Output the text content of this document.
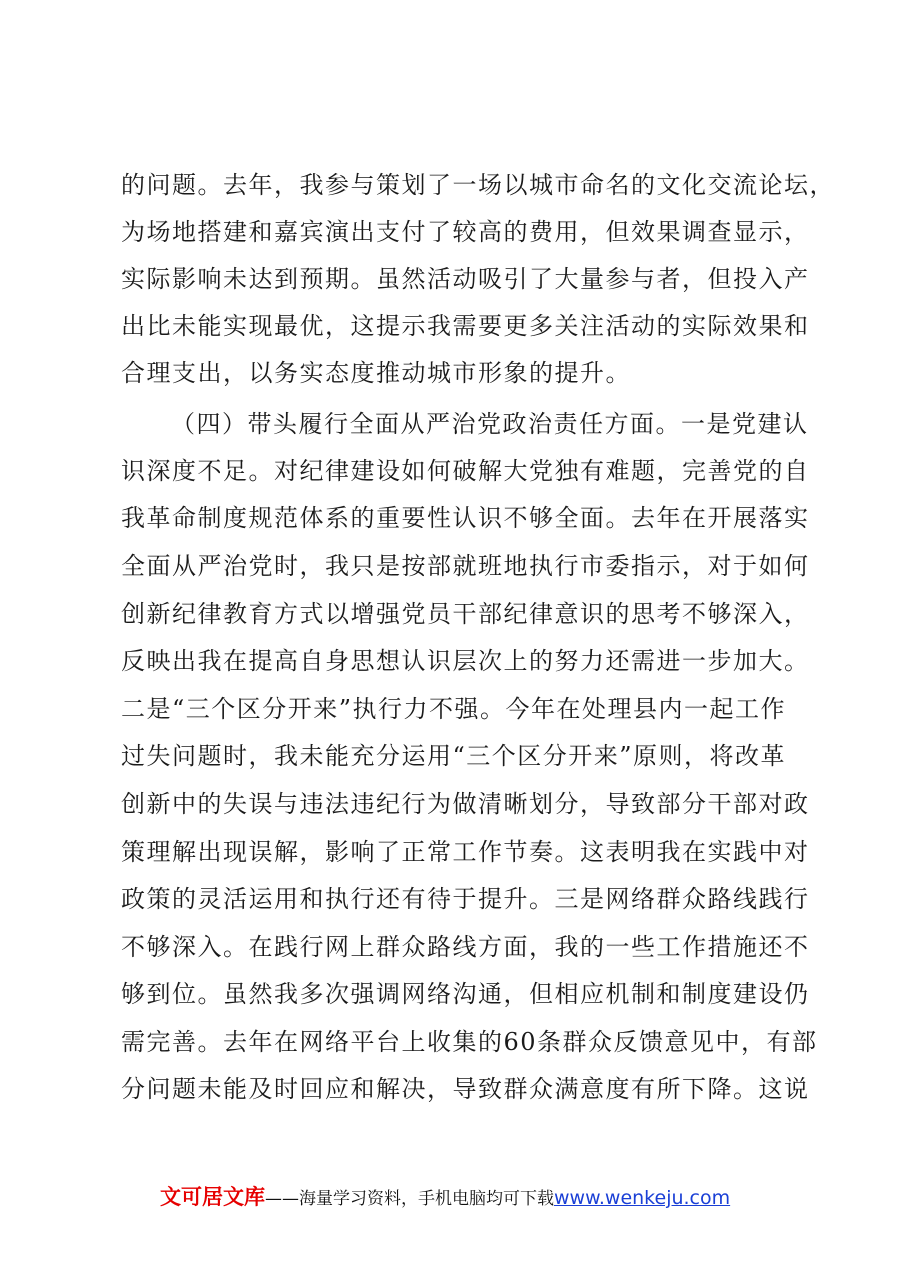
的问题。去年，我参与策划了一场以城市命名的文化交流论坛，
为场地搭建和嘉宾演出支付了较高的费用，但效果调查显示，
实际影响未达到预期。虽然活动吸引了大量参与者，但投入产
出比未能实现最优，这提示我需要更多关注活动的实际效果和
合理支出，以务实态度推动城市形象的提升。
（四）带头履行全面从严治党政治责任方面。一是党建认
识深度不足。对纪律建设如何破解大党独有难题，完善党的自
我革命制度规范体系的重要性认识不够全面。去年在开展落实
全面从严治党时，我只是按部就班地执行市委指示，对于如何
创新纪律教育方式以增强党员干部纪律意识的思考不够深入，
反映出我在提高自身思想认识层次上的努力还需进一步加大。
二是“三个区分开来”执行力不强。今年在处理县内一起工作
过失问题时，我未能充分运用“三个区分开来”原则，将改革
创新中的失误与违法违纪行为做清晰划分，导致部分干部对政
策理解出现误解，影响了正常工作节奏。这表明我在实践中对
政策的灵活运用和执行还有待于提升。三是网络群众路线践行
不够深入。在践行网上群众路线方面，我的一些工作措施还不
够到位。虽然我多次强调网络沟通，但相应机制和制度建设仍
需完善。去年在网络平台上收集的60条群众反馈意见中，有部
分问题未能及时回应和解决，导致群众满意度有所下降。这说
文可居文库——海量学习资料，手机电脑均可下载www.wenkeju.com
